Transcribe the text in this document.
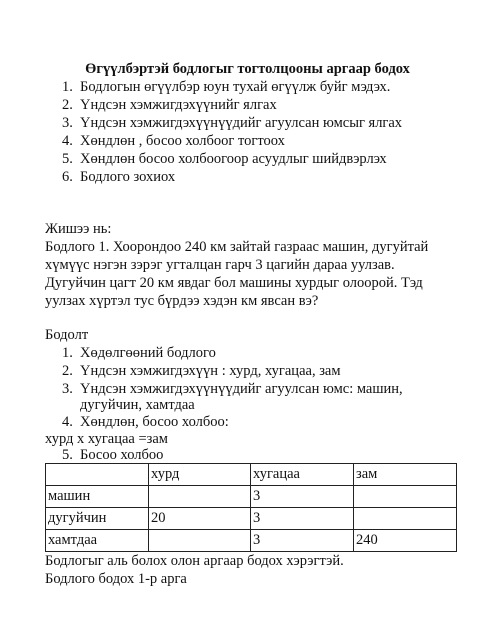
Өгүүлбэртэй бодлогыг тогтолцооны аргаар бодох
1. Бодлогын өгүүлбэр юун тухай өгүүлж буйг мэдэх.
2. Үндсэн хэмжигдэхүүнийг ялгах
3. Үндсэн хэмжигдэхүүнүүдийг агуулсан юмсыг ялгах
4. Хөндлөн , босоо холбоог тогтоох
5. Хөндлөн босоо холбоогоор асуудлыг шийдвэрлэх
6. Бодлого зохиох
Жишээ нь:
Бодлого 1. Хоорондоо 240 км зайтай газраас машин, дугуйтай
хүмүүс нэгэн зэрэг угталцан гарч 3 цагийн дараа уулзав.
Дугуйчин цагт 20 км явдаг бол машины хурдыг олоорой. Тэд
уулзах хүртэл тус бүрдээ хэдэн км явсан вэ?
Бодолт
1. Хөдөлгөөний бодлого
2. Үндсэн хэмжигдэхүүн : хурд, хугацаа, зам
3. Үндсэн хэмжигдэхүүнүүдийг агуулсан юмс: машин,
дугуйчин, хамтдаа
4. Хөндлөн, босоо холбоо:
хурд х хугацаа =зам
5. Босоо холбоо
	хурд	хугацаа	зам
машин		3	
дугуйчин	20	3	
хамтдаа		3	240
Бодлогыг аль болох олон аргаар бодох хэрэгтэй.
Бодлого бодох 1-р арга
